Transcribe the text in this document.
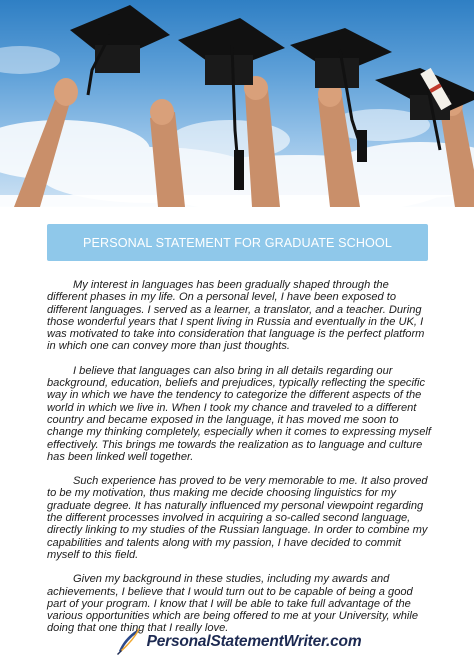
PERSONAL STATEMENT FOR GRADUATE SCHOOL

My interest in languages has been gradually shaped through the different phases in my life. On a personal level, I have been exposed to different languages. I served as a learner, a translator, and a teacher. During those wonderful years that I spent living in Russia and eventually in the UK, I was motivated to take into consideration that language is the perfect platform in which one can convey more than just thoughts.

I believe that languages can also bring in all details regarding our background, education, beliefs and prejudices, typically reflecting the specific way in which we have the tendency to categorize the different aspects of the world in which we live in. When I took my chance and traveled to a different country and became exposed in the language, it has moved me soon to change my thinking completely, especially when it comes to expressing myself effectively. This brings me towards the realization as to language and culture has been linked well together.

Such experience has proved to be very memorable to me. It also proved to be my motivation, thus making me decide choosing linguistics for my graduate degree. It has naturally influenced my personal viewpoint regarding the different processes involved in acquiring a so-called second language, directly linking to my studies of the Russian language. In order to combine my capabilities and talents along with my passion, I have decided to commit myself to this field.

Given my background in these studies, including my awards and achievements, I believe that I would turn out to be capable of being a good part of your program. I know that I will be able to take full advantage of the various opportunities which are being offered to me at your University, while doing that one thing that I really love.

PersonalStatementWriter.com
